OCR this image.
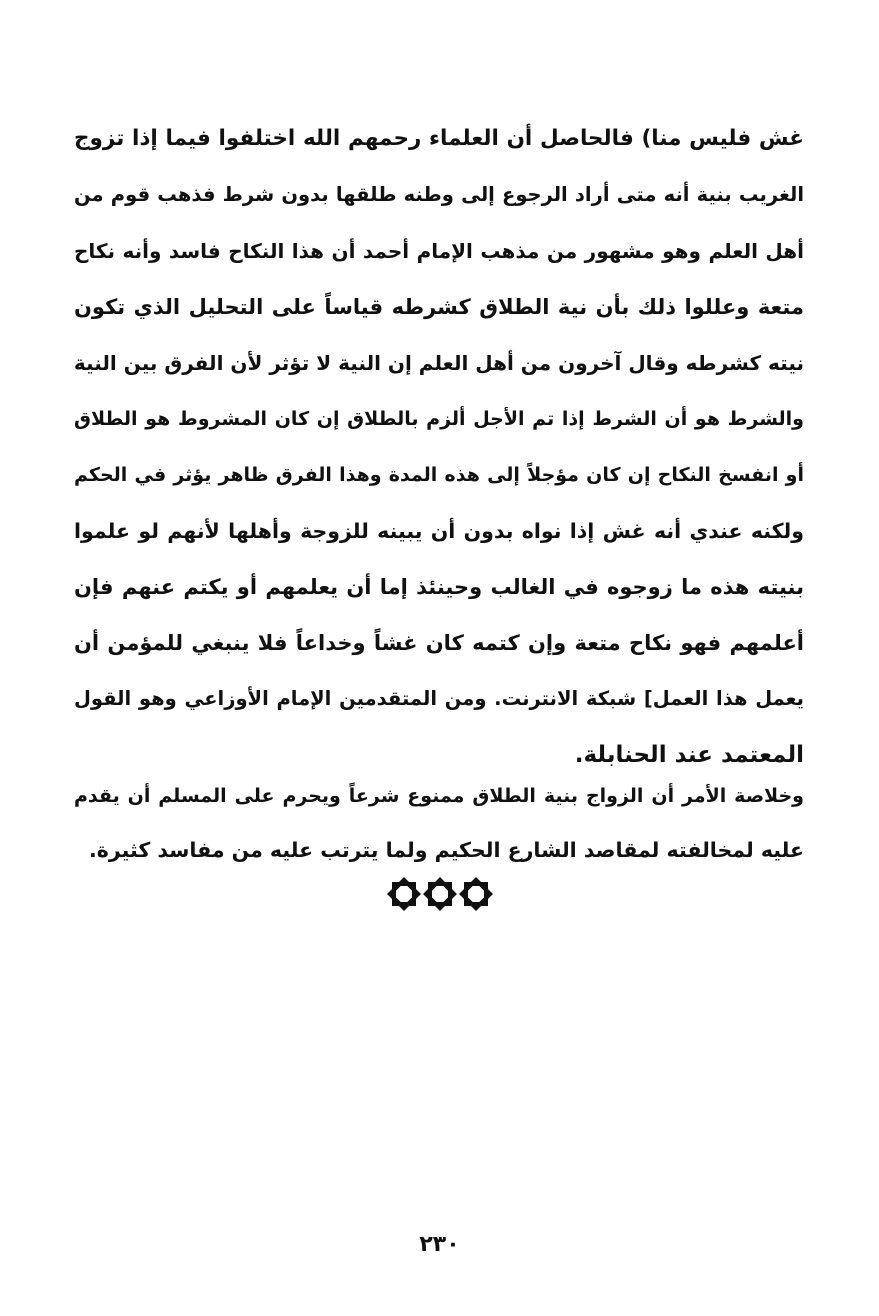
غش فليس منا) فالحاصل أن العلماء رحمهم الله اختلفوا فيما إذا تزوج
الغريب بنية أنه متى أراد الرجوع إلى وطنه طلقها بدون شرط فذهب قوم من
أهل العلم وهو مشهور من مذهب الإمام أحمد أن هذا النكاح فاسد وأنه نكاح
متعة وعللوا ذلك بأن نية الطلاق كشرطه قياساً على التحليل الذي تكون
نيته كشرطه وقال آخرون من أهل العلم إن النية لا تؤثر لأن الفرق بين النية
والشرط هو أن الشرط إذا تم الأجل ألزم بالطلاق إن كان المشروط هو الطلاق
أو انفسخ النكاح إن كان مؤجلاً إلى هذه المدة وهذا الفرق ظاهر يؤثر في الحكم
ولكنه عندي أنه غش إذا نواه بدون أن يبينه للزوجة وأهلها لأنهم لو علموا
بنيته هذه ما زوجوه في الغالب وحينئذ إما أن يعلمهم أو يكتم عنهم فإن
أعلمهم فهو نكاح متعة وإن كتمه كان غشاً وخداعاً فلا ينبغي للمؤمن أن
يعمل هذا العمل] شبكة الانترنت. ومن المتقدمين الإمام الأوزاعي وهو القول
المعتمد عند الحنابلة.
وخلاصة الأمر أن الزواج بنية الطلاق ممنوع شرعاً ويحرم على المسلم أن يقدم
عليه لمخالفته لمقاصد الشارع الحكيم ولما يترتب عليه من مفاسد كثيرة.
٢٣٠
